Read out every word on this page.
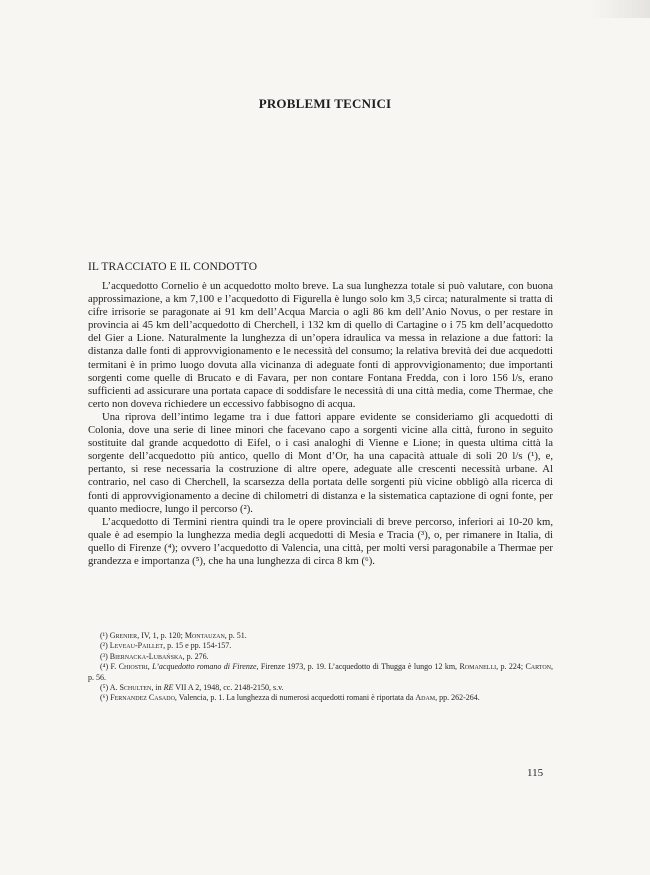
PROBLEMI TECNICI
IL TRACCIATO E IL CONDOTTO

L’acquedotto Cornelio è un acquedotto molto breve. La sua lunghezza totale si può valutare, con buona approssimazione, a km 7,100 e l’acquedotto di Figurella è lungo solo km 3,5 circa; naturalmente si tratta di cifre irrisorie se paragonate ai 91 km dell’Acqua Marcia o agli 86 km dell’Anio Novus, o per restare in provincia ai 45 km dell’acquedotto di Cherchell, i 132 km di quello di Cartagine o i 75 km dell’acquedotto del Gier a Lione. Naturalmente la lunghezza di un’opera idraulica va messa in relazione a due fattori: la distanza dalle fonti di approvvigionamento e le necessità del consumo; la relativa brevità dei due acquedotti termitani è in primo luogo dovuta alla vicinanza di adeguate fonti di approvvigionamento; due importanti sorgenti come quelle di Brucato e di Favara, per non contare Fontana Fredda, con i loro 156 l/s, erano sufficienti ad assicurare una portata capace di soddisfare le necessità di una città media, come Thermae, che certo non doveva richiedere un eccessivo fabbisogno di acqua.

Una riprova dell’intimo legame tra i due fattori appare evidente se consideriamo gli acquedotti di Colonia, dove una serie di linee minori che facevano capo a sorgenti vicine alla città, furono in seguito sostituite dal grande acquedotto di Eifel, o i casi analoghi di Vienne e Lione; in questa ultima città la sorgente dell’acquedotto più antico, quello di Mont d’Or, ha una capacità attuale di soli 20 l/s (¹), e, pertanto, si rese necessaria la costruzione di altre opere, adeguate alle crescenti necessità urbane. Al contrario, nel caso di Cherchell, la scarsezza della portata delle sorgenti più vicine obbligò alla ricerca di fonti di approvvigionamento a decine di chilometri di distanza e la sistematica captazione di ogni fonte, per quanto mediocre, lungo il percorso (²).

L’acquedotto di Termini rientra quindi tra le opere provinciali di breve percorso, inferiori ai 10-20 km, quale è ad esempio la lunghezza media degli acquedotti di Mesia e Tracia (³), o, per rimanere in Italia, di quello di Firenze (⁴); ovvero l’acquedotto di Valencia, una città, per molti versi paragonabile a Thermae per grandezza e importanza (⁵), che ha una lunghezza di circa 8 km (⁶).

(¹) Grenier, IV, 1, p. 120; Montauzan, p. 51.
(²) Leveau-Paillet, p. 15 e pp. 154-157.
(³) Biernacka-Lubańska, p. 276.
(⁴) F. Chiostri, L’acquedotto romano di Firenze, Firenze 1973, p. 19. L’acquedotto di Thugga è lungo 12 km, Romanelli, p. 224; Carton, p. 56.
(⁵) A. Schulten, in RE VII A 2, 1948, cc. 2148-2150, s.v.
(⁶) Fernandez Casado, Valencia, p. 1. La lunghezza di numerosi acquedotti romani è riportata da Adam, pp. 262-264.
115
